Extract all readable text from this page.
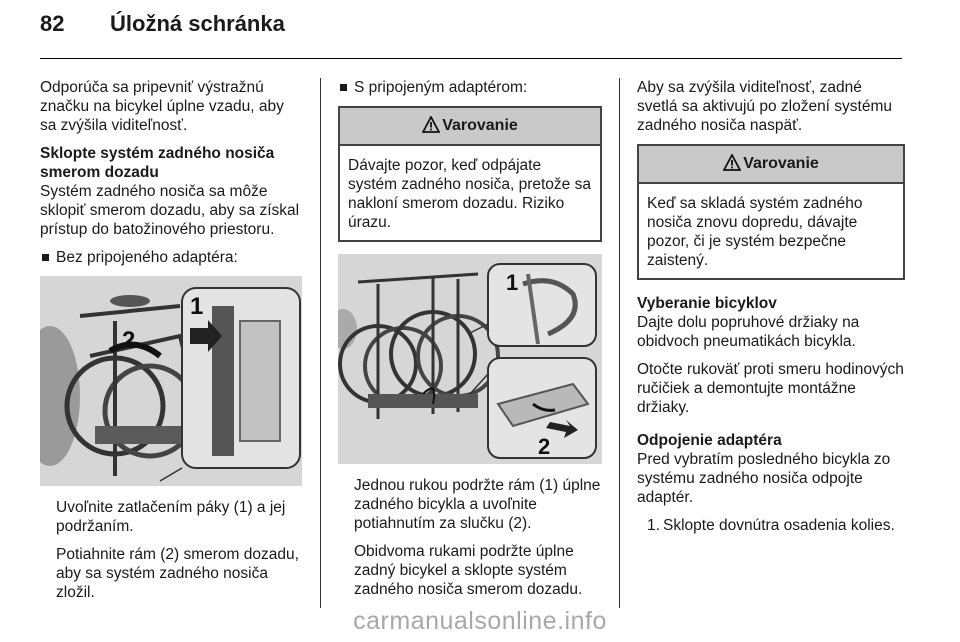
82 Úložná schránka

Odporúča sa pripevniť výstražnú značku na bicykel úplne vzadu, aby sa zvýšila viditeľnosť.

Sklopte systém zadného nosiča smerom dozadu

Systém zadného nosiča sa môže sklopiť smerom dozadu, aby sa získal prístup do batožinového priestoru.

Bez pripojeného adaptéra:
2
1

Uvoľnite zatlačením páky (1) a jej podržaním.

Potiahnite rám (2) smerom dozadu, aby sa systém zadného nosiča zložil.

S pripojeným adaptérom:
Varovanie
Dávajte pozor, keď odpájate systém zadného nosiča, pretože sa nakloní smerom dozadu. Riziko úrazu.
1
2

Jednou rukou podržte rám (1) úplne zadného bicykla a uvoľnite potiahnutím za slučku (2).

Obidvoma rukami podržte úplne zadný bicykel a sklopte systém zadného nosiča smerom dozadu.

Aby sa zvýšila viditeľnosť, zadné svetlá sa aktivujú po zložení systému zadného nosiča naspäť.

Varovanie
Keď sa skladá systém zadného nosiča znovu dopredu, dávajte pozor, či je systém bezpečne zaistený.
Vyberanie bicyklov

Dajte dolu popruhové držiaky na obidvoch pneumatikách bicykla.

Otočte rukoväť proti smeru hodinových ručičiek a demontujte montážne držiaky.

Odpojenie adaptéra

Pred vybratím posledného bicykla zo systému zadného nosiča odpojte adaptér.

1. Sklopte dovnútra osadenia kolies.
carmanualsonline.info
